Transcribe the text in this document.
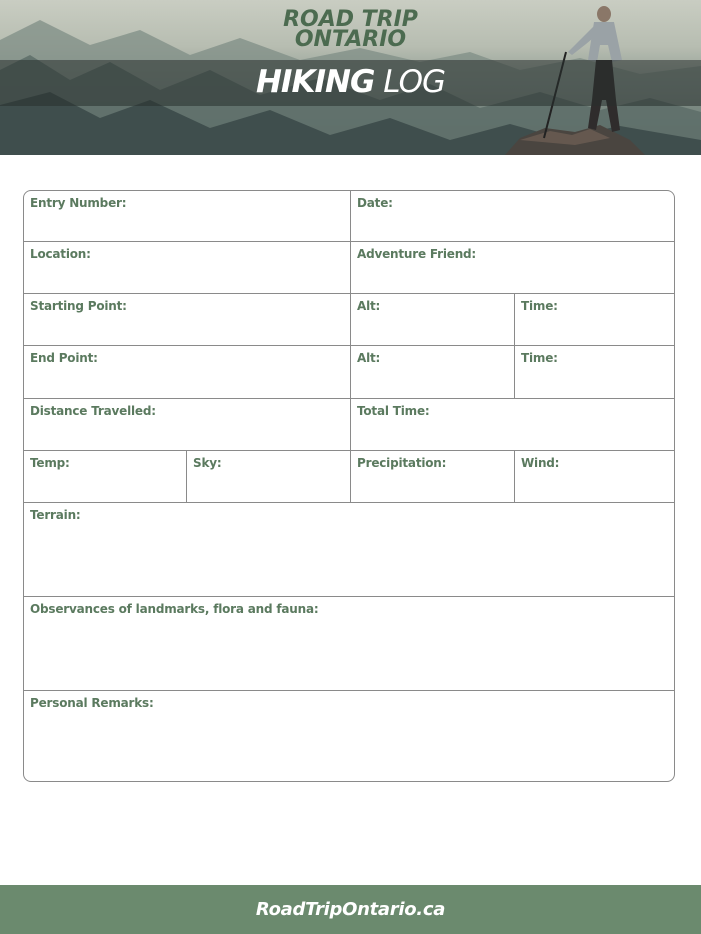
ROAD TRIP
ONTARIO
HIKING LOG
Entry Number:	Date:
Location:	Adventure Friend:
Starting Point:	Alt:	Time:
End Point:	Alt:	Time:
Distance Travelled:	Total Time:
Temp:	Sky:	Precipitation:	Wind:
Terrain:
Observances of landmarks, flora and fauna:
Personal Remarks:
RoadTripOntario.ca
